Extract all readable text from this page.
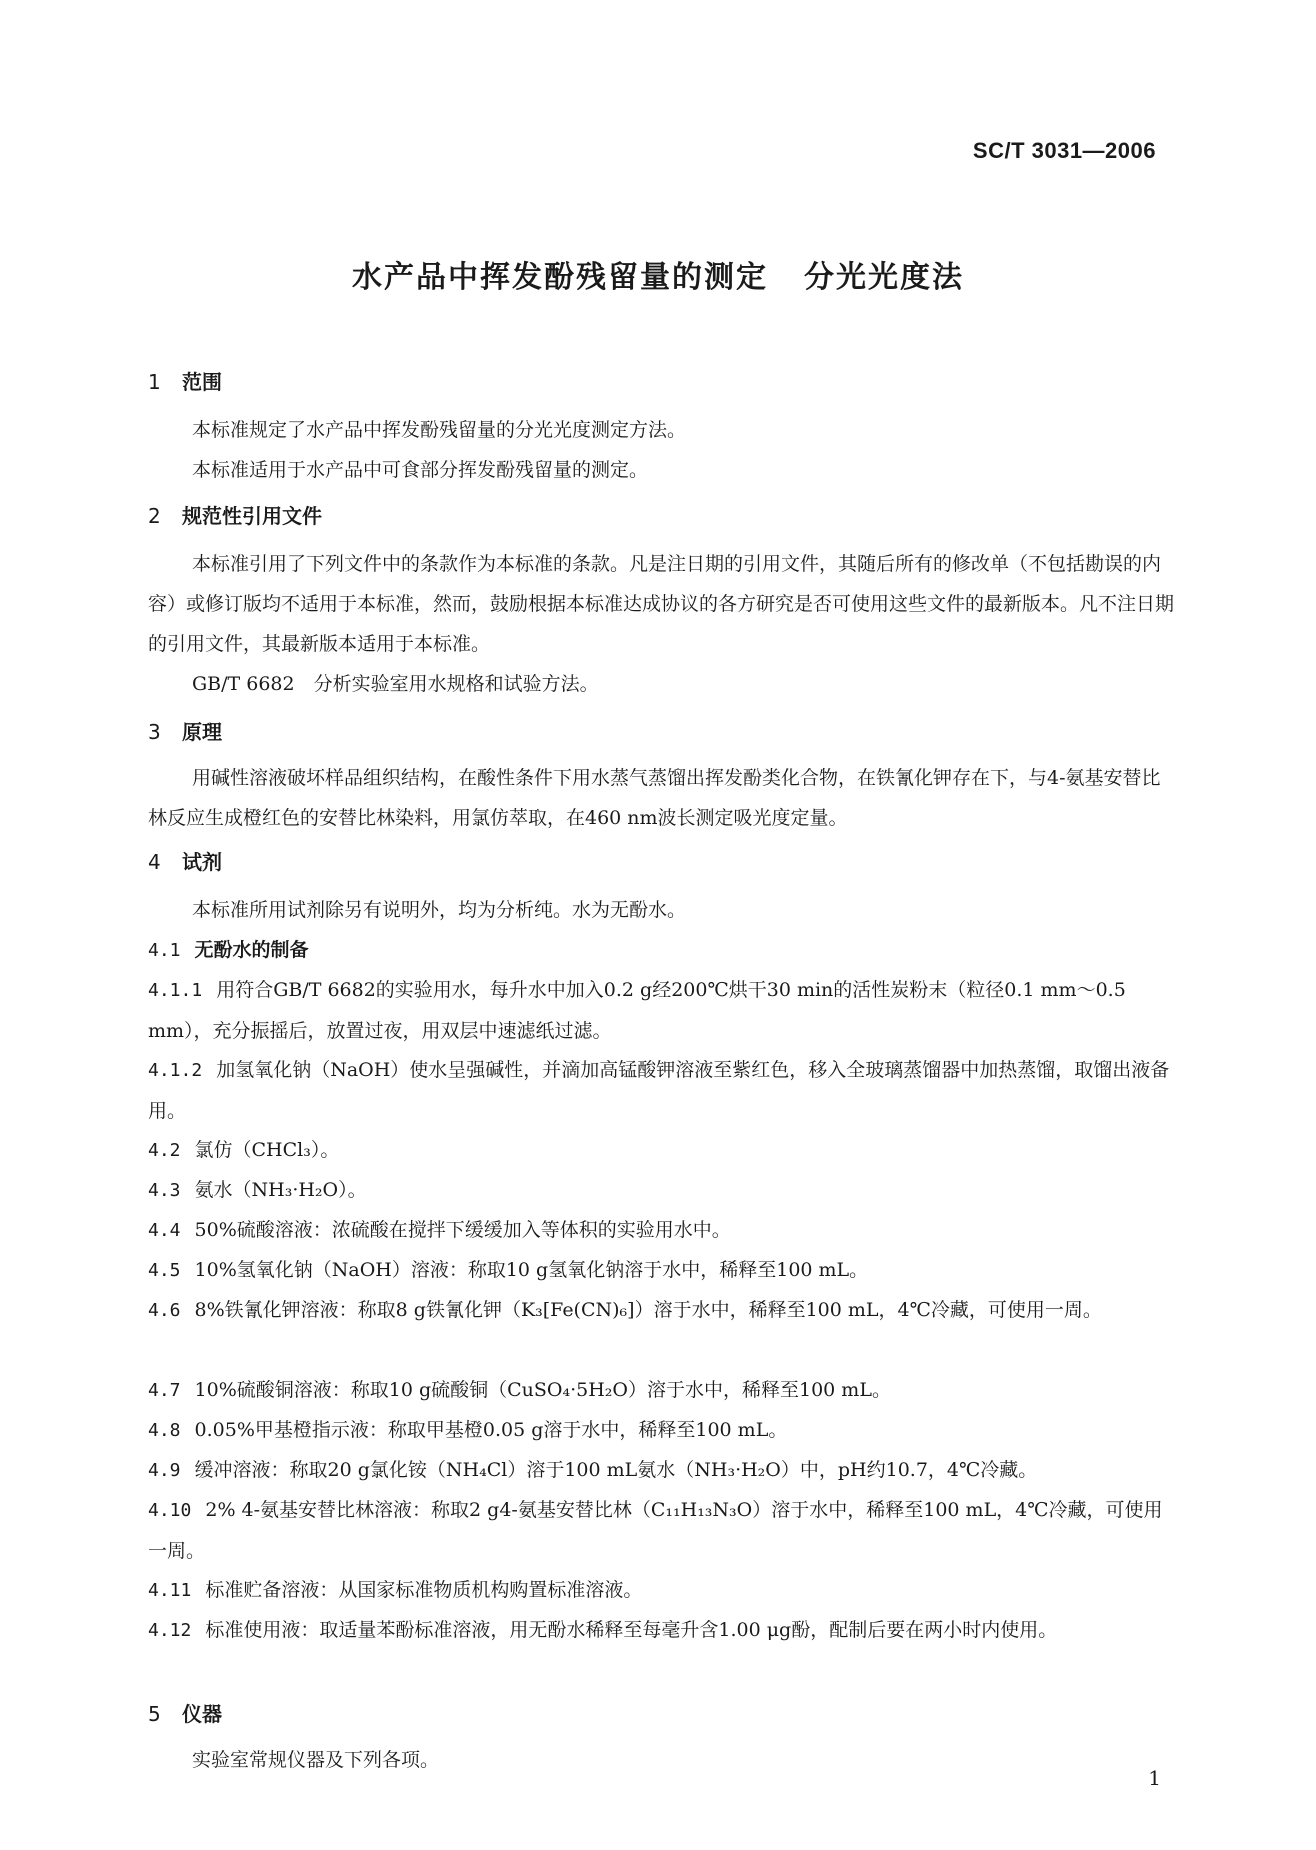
SC/T 3031—2006
水产品中挥发酚残留量的测定 分光光度法
1 范围
本标准规定了水产品中挥发酚残留量的分光光度测定方法。
本标准适用于水产品中可食部分挥发酚残留量的测定。
2 规范性引用文件
本标准引用了下列文件中的条款作为本标准的条款。凡是注日期的引用文件，其随后所有的修改单（不包括勘误的内容）或修订版均不适用于本标准，然而，鼓励根据本标准达成协议的各方研究是否可使用这些文件的最新版本。凡不注日期的引用文件，其最新版本适用于本标准。
GB/T 6682　分析实验室用水规格和试验方法。
3 原理
用碱性溶液破坏样品组织结构，在酸性条件下用水蒸气蒸馏出挥发酚类化合物，在铁氰化钾存在下，与4-氨基安替比林反应生成橙红色的安替比林染料，用氯仿萃取，在460 nm波长测定吸光度定量。
4 试剂
本标准所用试剂除另有说明外，均为分析纯。水为无酚水。
4.1 无酚水的制备
4.1.1 用符合GB/T 6682的实验用水，每升水中加入0.2 g经200℃烘干30 min的活性炭粉末（粒径0.1 mm～0.5 mm），充分振摇后，放置过夜，用双层中速滤纸过滤。
4.1.2 加氢氧化钠（NaOH）使水呈强碱性，并滴加高锰酸钾溶液至紫红色，移入全玻璃蒸馏器中加热蒸馏，取馏出液备用。
4.2 氯仿（CHCl₃）。
4.3 氨水（NH₃·H₂O）。
4.4 50%硫酸溶液：浓硫酸在搅拌下缓缓加入等体积的实验用水中。
4.5 10%氢氧化钠（NaOH）溶液：称取10 g氢氧化钠溶于水中，稀释至100 mL。
4.6 8%铁氰化钾溶液：称取8 g铁氰化钾（K₃[Fe(CN)₆]）溶于水中，稀释至100 mL，4℃冷藏，可使用一周。
4.7 10%硫酸铜溶液：称取10 g硫酸铜（CuSO₄·5H₂O）溶于水中，稀释至100 mL。
4.8 0.05%甲基橙指示液：称取甲基橙0.05 g溶于水中，稀释至100 mL。
4.9 缓冲溶液：称取20 g氯化铵（NH₄Cl）溶于100 mL氨水（NH₃·H₂O）中，pH约10.7，4℃冷藏。
4.10 2% 4-氨基安替比林溶液：称取2 g4-氨基安替比林（C₁₁H₁₃N₃O）溶于水中，稀释至100 mL，4℃冷藏，可使用一周。
4.11 标准贮备溶液：从国家标准物质机构购置标准溶液。
4.12 标准使用液：取适量苯酚标准溶液，用无酚水稀释至每毫升含1.00 μg酚，配制后要在两小时内使用。
5 仪器
实验室常规仪器及下列各项。
1
